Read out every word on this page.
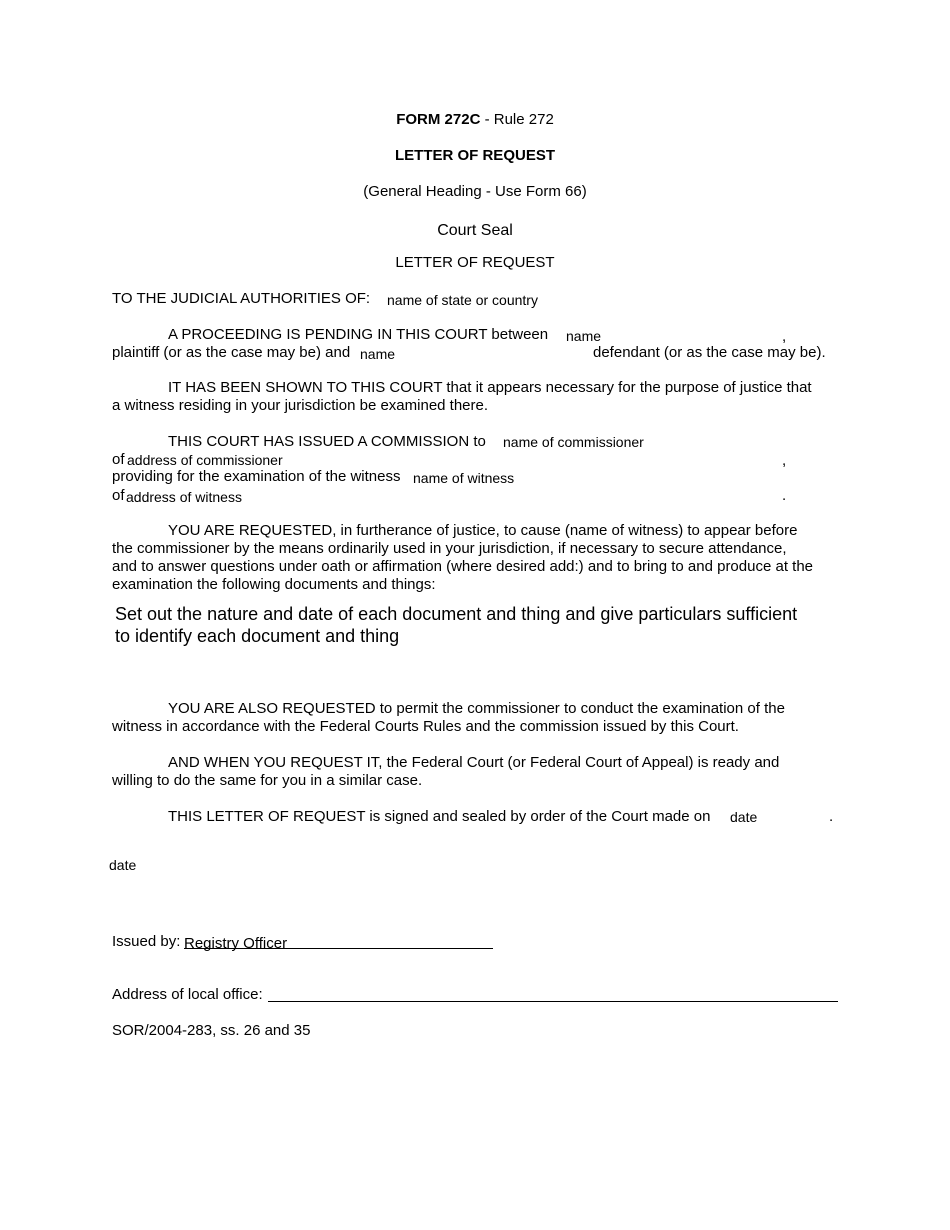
FORM 272C - Rule 272
LETTER OF REQUEST
(General Heading - Use Form 66)
Court Seal
LETTER OF REQUEST
TO THE JUDICIAL AUTHORITIES OF: name of state or country
A PROCEEDING IS PENDING IN THIS COURT between name	,
plaintiff (or as the case may be) and name	defendant (or as the case may be).
IT HAS BEEN SHOWN TO THIS COURT that it appears necessary for the purpose of justice that
a witness residing in your jurisdiction be examined there.
THIS COURT HAS ISSUED A COMMISSION to name of commissioner
of address of commissioner	,
providing for the examination of the witness name of witness
of address of witness	.
YOU ARE REQUESTED, in furtherance of justice, to cause (name of witness) to appear before
the commissioner by the means ordinarily used in your jurisdiction, if necessary to secure attendance,
and to answer questions under oath or affirmation (where desired add:) and to bring to and produce at the
examination the following documents and things:
Set out the nature and date of each document and thing and give particulars sufficient
to identify each document and thing
YOU ARE ALSO REQUESTED to permit the commissioner to conduct the examination of the
witness in accordance with the Federal Courts Rules and the commission issued by this Court.
AND WHEN YOU REQUEST IT, the Federal Court (or Federal Court of Appeal) is ready and
willing to do the same for you in a similar case.
THIS LETTER OF REQUEST is signed and sealed by order of the Court made on date	.
date
Issued by: Registry Officer
Address of local office:
SOR/2004-283, ss. 26 and 35
